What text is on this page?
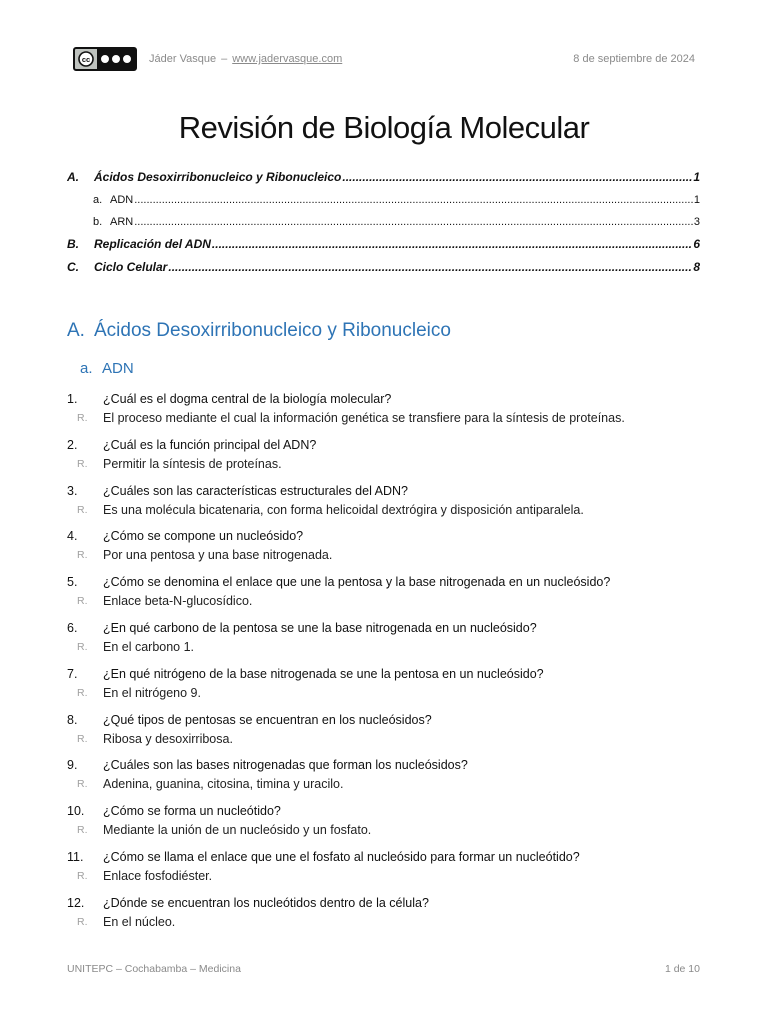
cc	Jáder Vasque – www.jadervasque.com	8 de septiembre de 2024
Revisión de Biología Molecular
A.	Ácidos Desoxirribonucleico y Ribonucleico .....	1
a. ADN .....	1
b. ARN .....	3
B.	Replicación del ADN .....	6
C.	Ciclo Celular .....	8
A. Ácidos Desoxirribonucleico y Ribonucleico
a. ADN
1.	¿Cuál es el dogma central de la biología molecular?
R.	El proceso mediante el cual la información genética se transfiere para la síntesis de proteínas.
2.	¿Cuál es la función principal del ADN?
R.	Permitir la síntesis de proteínas.
3.	¿Cuáles son las características estructurales del ADN?
R.	Es una molécula bicatenaria, con forma helicoidal dextrógira y disposición antiparalela.
4.	¿Cómo se compone un nucleósido?
R.	Por una pentosa y una base nitrogenada.
5.	¿Cómo se denomina el enlace que une la pentosa y la base nitrogenada en un nucleósido?
R.	Enlace beta-N-glucosídico.
6.	¿En qué carbono de la pentosa se une la base nitrogenada en un nucleósido?
R.	En el carbono 1.
7.	¿En qué nitrógeno de la base nitrogenada se une la pentosa en un nucleósido?
R.	En el nitrógeno 9.
8.	¿Qué tipos de pentosas se encuentran en los nucleósidos?
R.	Ribosa y desoxirribosa.
9.	¿Cuáles son las bases nitrogenadas que forman los nucleósidos?
R.	Adenina, guanina, citosina, timina y uracilo.
10.	¿Cómo se forma un nucleótido?
R.	Mediante la unión de un nucleósido y un fosfato.
11.	¿Cómo se llama el enlace que une el fosfato al nucleósido para formar un nucleótido?
R.	Enlace fosfodiéster.
12.	¿Dónde se encuentran los nucleótidos dentro de la célula?
R.	En el núcleo.
UNITEPC – Cochabamba – Medicina	1 de 10
